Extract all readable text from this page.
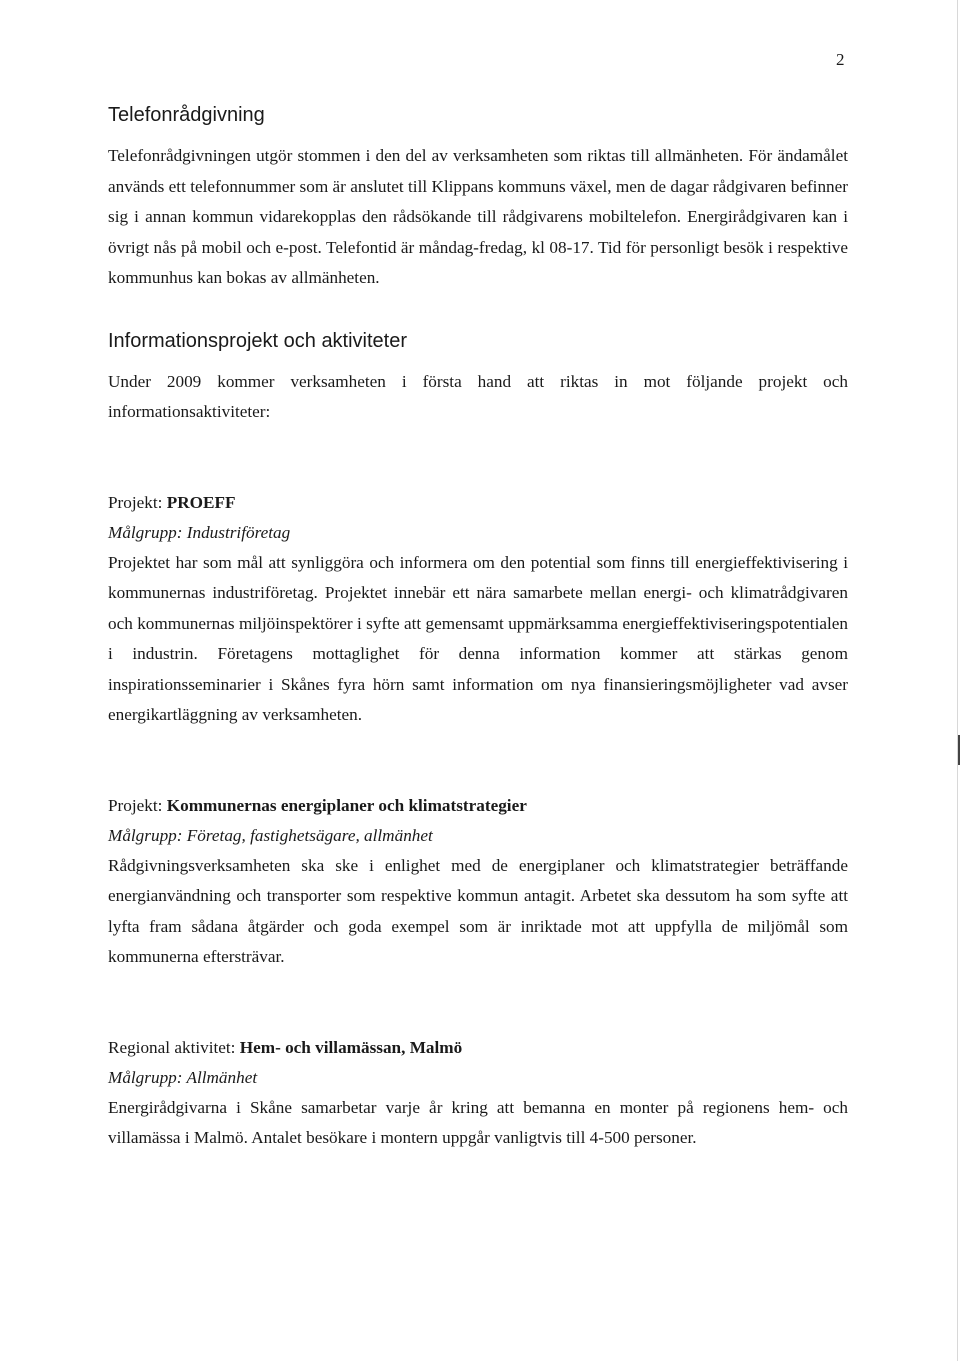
2
Telefonrådgivning

Telefonrådgivningen utgör stommen i den del av verksamheten som riktas till allmänheten. För ändamålet används ett telefonnummer som är anslutet till Klippans kommuns växel, men de dagar rådgivaren befinner sig i annan kommun vidarekopplas den rådsökande till rådgivarens mobiltelefon. Energirådgivaren kan i övrigt nås på mobil och e-post. Telefontid är måndag-fredag, kl 08-17. Tid för personligt besök i respektive kommunhus kan bokas av allmänheten.

Informationsprojekt och aktiviteter

Under 2009 kommer verksamheten i första hand att riktas in mot följande projekt och informationsaktiviteter:

Projekt: PROEFF

Målgrupp: Industriföretag

Projektet har som mål att synliggöra och informera om den potential som finns till energieffektivisering i kommunernas industriföretag. Projektet innebär ett nära samarbete mellan energi- och klimatrådgivaren och kommunernas miljöinspektörer i syfte att gemensamt uppmärksamma energieffektiviseringspotentialen i industrin. Företagens mottaglighet för denna information kommer att stärkas genom inspirationsseminarier i Skånes fyra hörn samt information om nya finansieringsmöjligheter vad avser energikartläggning av verksamheten.

Projekt: Kommunernas energiplaner och klimatstrategier

Målgrupp: Företag, fastighetsägare, allmänhet

Rådgivningsverksamheten ska ske i enlighet med de energiplaner och klimatstrategier beträffande energianvändning och transporter som respektive kommun antagit. Arbetet ska dessutom ha som syfte att lyfta fram sådana åtgärder och goda exempel som är inriktade mot att uppfylla de miljömål som kommunerna eftersträvar.

Regional aktivitet: Hem- och villamässan, Malmö

Målgrupp: Allmänhet

Energirådgivarna i Skåne samarbetar varje år kring att bemanna en monter på regionens hem- och villamässa i Malmö. Antalet besökare i montern uppgår vanligtvis till 4-500 personer.
